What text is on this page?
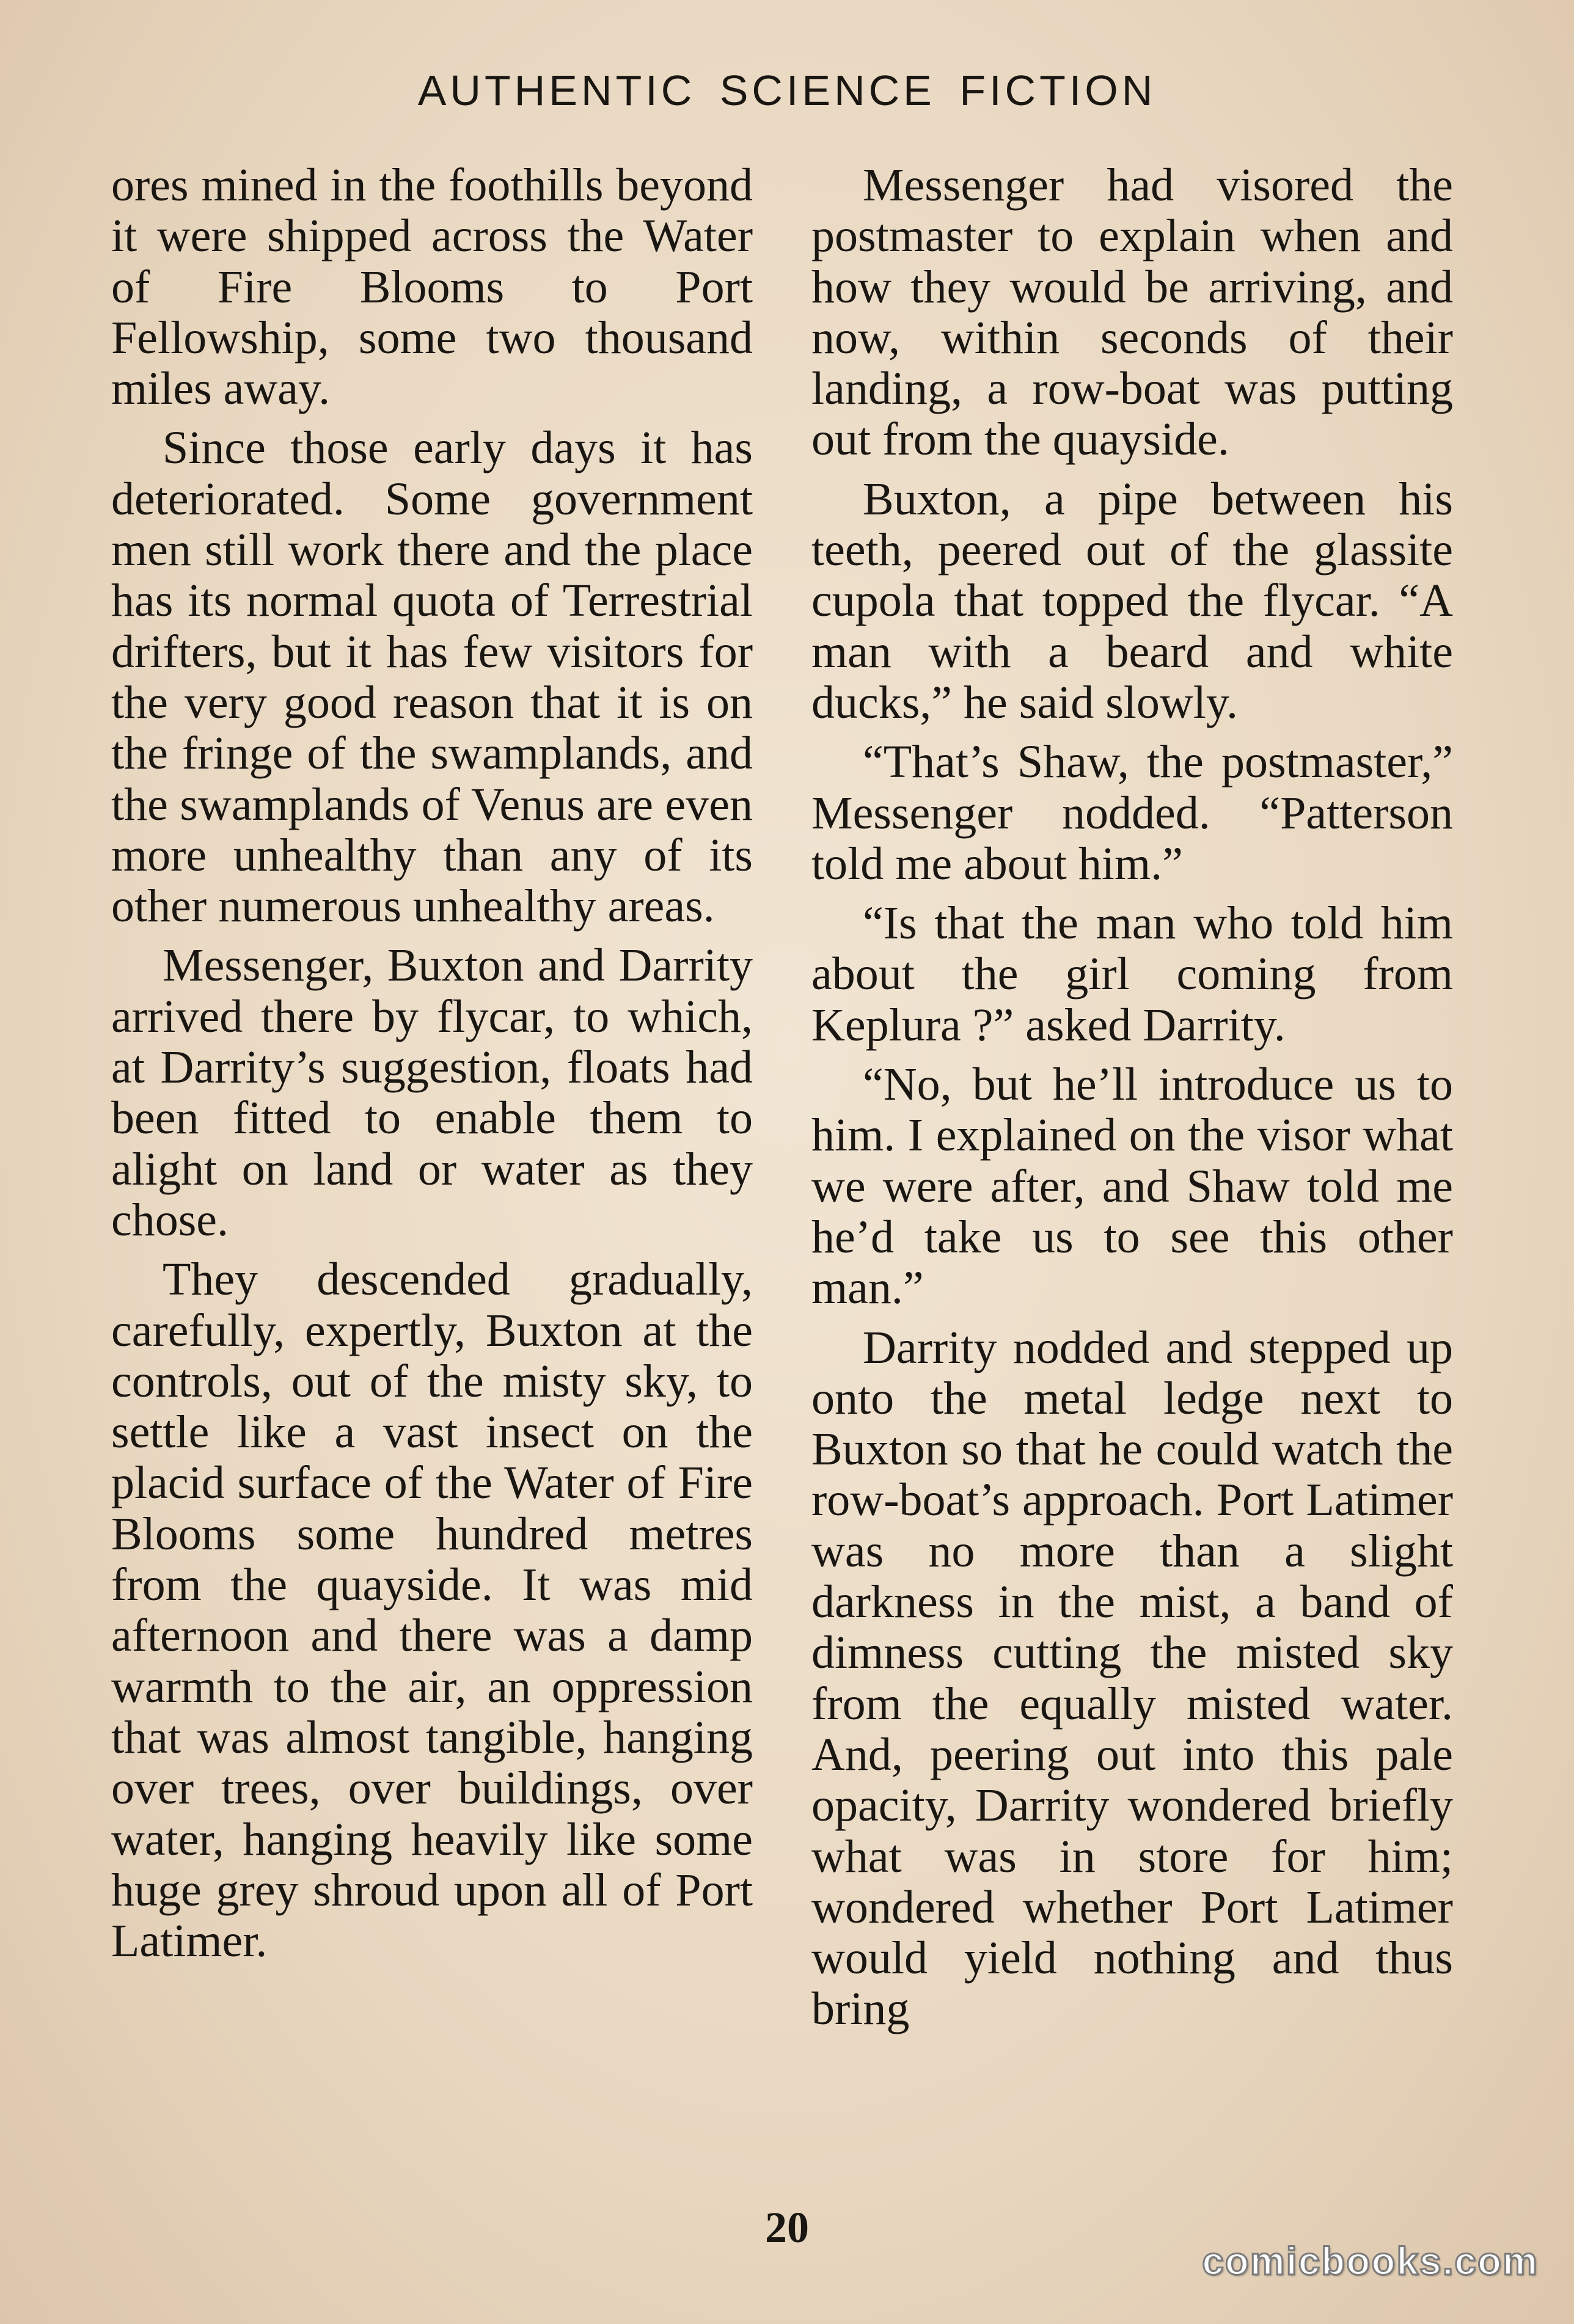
AUTHENTIC SCIENCE FICTION

ores mined in the foothills beyond it were shipped across the Water of Fire Blooms to Port Fellowship, some two thousand miles away.

Since those early days it has deteriorated. Some government men still work there and the place has its normal quota of Terrestrial drifters, but it has few visitors for the very good reason that it is on the fringe of the swamplands, and the swamplands of Venus are even more unhealthy than any of its other numerous unhealthy areas.

Messenger, Buxton and Darrity arrived there by flycar, to which, at Darrity’s suggestion, floats had been fitted to enable them to alight on land or water as they chose.

They descended gradually, carefully, expertly, Buxton at the controls, out of the misty sky, to settle like a vast insect on the placid surface of the Water of Fire Blooms some hundred metres from the quayside. It was mid afternoon and there was a damp warmth to the air, an oppression that was almost tangible, hanging over trees, over buildings, over water, hanging heavily like some huge grey shroud upon all of Port Latimer.

Messenger had visored the postmaster to explain when and how they would be arriving, and now, within seconds of their landing, a row-boat was putting out from the quayside.

Buxton, a pipe between his teeth, peered out of the glassite cupola that topped the flycar. “A man with a beard and white ducks,” he said slowly.

“That’s Shaw, the postmaster,” Messenger nodded. “Patterson told me about him.”

“Is that the man who told him about the girl coming from Keplura ?” asked Darrity.

“No, but he’ll introduce us to him. I explained on the visor what we were after, and Shaw told me he’d take us to see this other man.”

Darrity nodded and stepped up onto the metal ledge next to Buxton so that he could watch the row-boat’s approach. Port Latimer was no more than a slight darkness in the mist, a band of dimness cutting the misted sky from the equally misted water. And, peering out into this pale opacity, Darrity wondered briefly what was in store for him; wondered whether Port Latimer would yield nothing and thus bring

20
comicbooks.com
